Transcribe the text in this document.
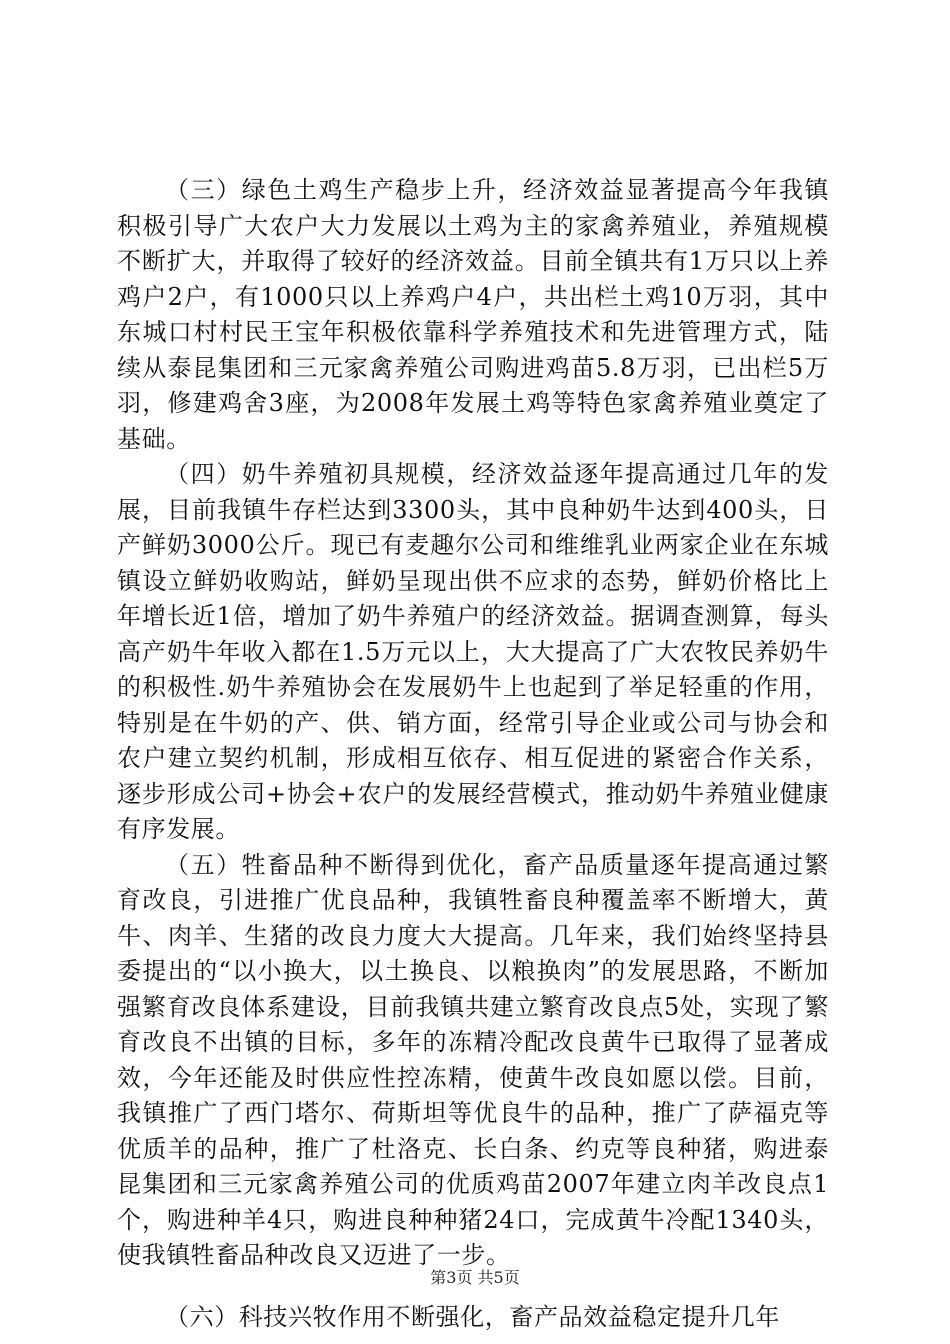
（三）绿色土鸡生产稳步上升，经济效益显著提高今年我镇积极引导广大农户大力发展以土鸡为主的家禽养殖业，养殖规模不断扩大，并取得了较好的经济效益。目前全镇共有1万只以上养鸡户2户，有1000只以上养鸡户4户，共出栏土鸡10万羽，其中东城口村村民王宝年积极依靠科学养殖技术和先进管理方式，陆续从泰昆集团和三元家禽养殖公司购进鸡苗5.8万羽，已出栏5万羽，修建鸡舍3座，为2008年发展土鸡等特色家禽养殖业奠定了基础。

（四）奶牛养殖初具规模，经济效益逐年提高通过几年的发展，目前我镇牛存栏达到3300头，其中良种奶牛达到400头，日产鲜奶3000公斤。现已有麦趣尔公司和维维乳业两家企业在东城镇设立鲜奶收购站，鲜奶呈现出供不应求的态势，鲜奶价格比上年增长近1倍，增加了奶牛养殖户的经济效益。据调查测算，每头高产奶牛年收入都在1.5万元以上，大大提高了广大农牧民养奶牛的积极性.奶牛养殖协会在发展奶牛上也起到了举足轻重的作用，特别是在牛奶的产、供、销方面，经常引导企业或公司与协会和农户建立契约机制，形成相互依存、相互促进的紧密合作关系，逐步形成公司+协会+农户的发展经营模式，推动奶牛养殖业健康有序发展。

（五）牲畜品种不断得到优化，畜产品质量逐年提高通过繁育改良，引进推广优良品种，我镇牲畜良种覆盖率不断增大，黄牛、肉羊、生猪的改良力度大大提高。几年来，我们始终坚持县委提出的“以小换大，以土换良、以粮换肉”的发展思路，不断加强繁育改良体系建设，目前我镇共建立繁育改良点5处，实现了繁育改良不出镇的目标，多年的冻精冷配改良黄牛已取得了显著成效，今年还能及时供应性控冻精，使黄牛改良如愿以偿。目前，我镇推广了西门塔尔、荷斯坦等优良牛的品种，推广了萨福克等优质羊的品种，推广了杜洛克、长白条、约克等良种猪，购进泰昆集团和三元家禽养殖公司的优质鸡苗2007年建立肉羊改良点1个，购进种羊4只，购进良种种猪24口，完成黄牛冷配1340头，使我镇牲畜品种改良又迈进了一步。

（六）科技兴牧作用不断强化，畜产品效益稳定提升几年

第3页 共5页
